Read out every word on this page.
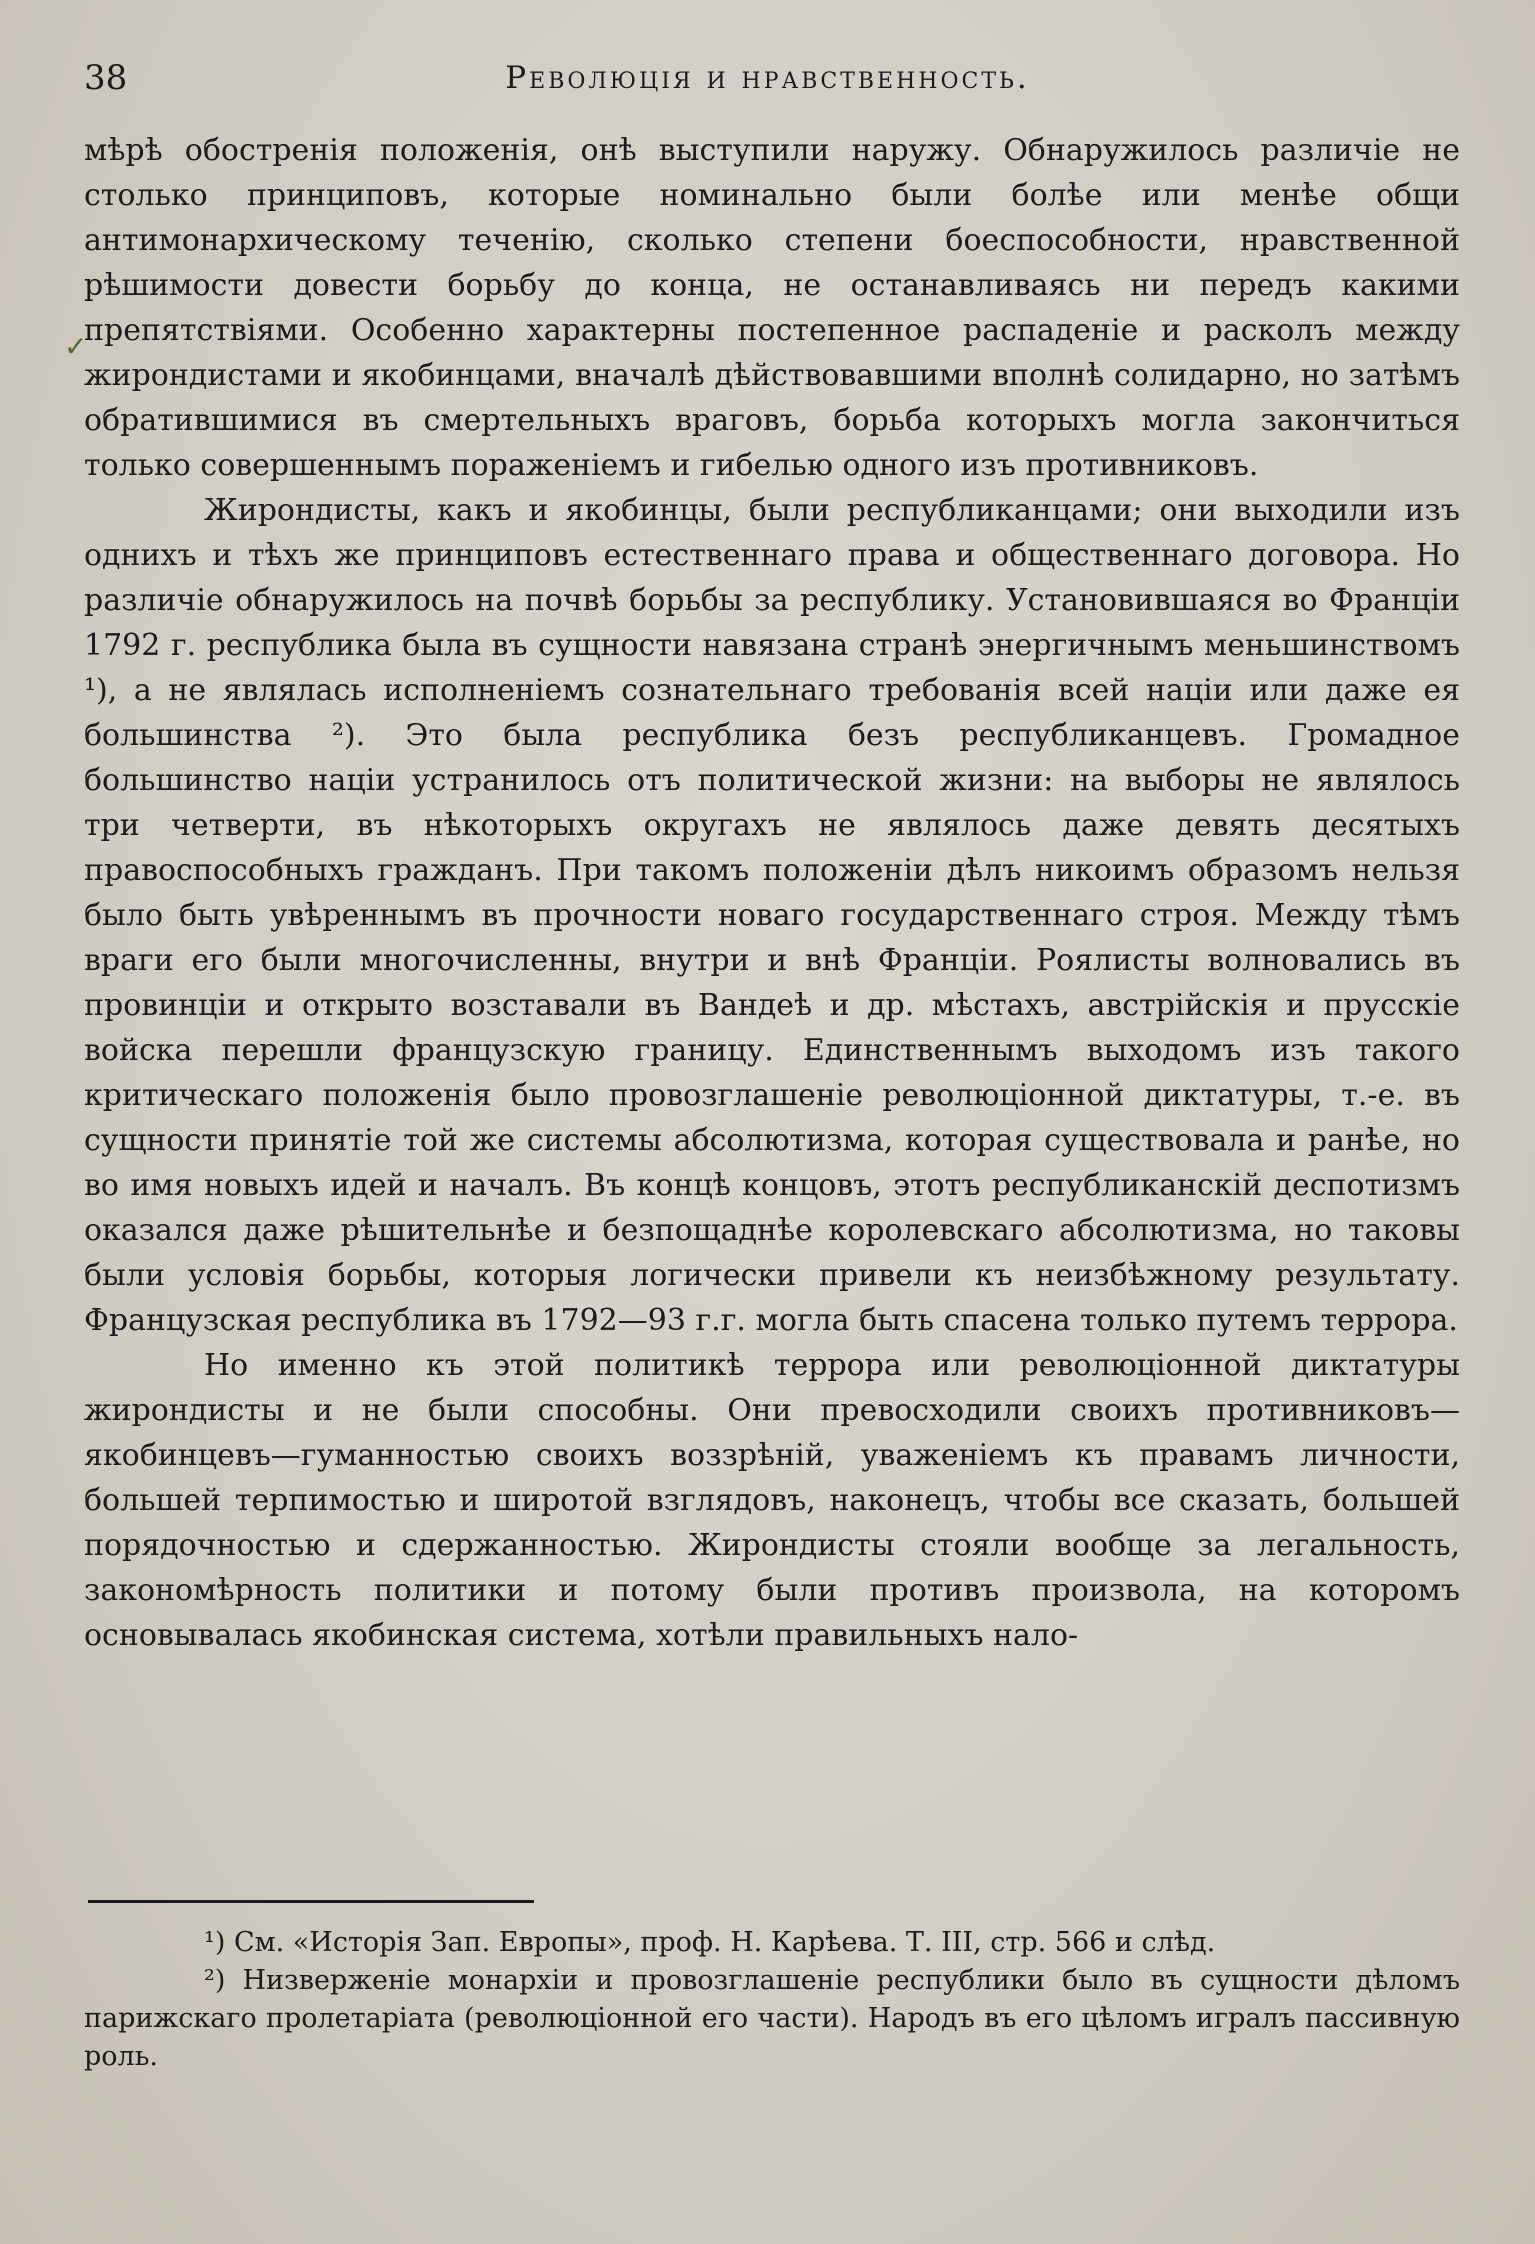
38	Революцiя и нравственность.
✓

мѣрѣ обостренiя положенiя, онѣ выступили наружу. Обнаружилось различiе не столько принциповъ, которые номинально были болѣе или менѣе общи антимонархическому теченiю, сколько степени боеспособности, нравственной рѣшимости довести борьбу до конца, не останавливаясь ни передъ какими препятствiями. Особенно характерны постепенное распаденiе и расколъ между жирондистами и якобинцами, вначалѣ дѣйствовавшими вполнѣ солидарно, но затѣмъ обратившимися въ смертельныхъ враговъ, борьба которыхъ могла закончиться только совершеннымъ пораженiемъ и гибелью одного изъ противниковъ.

Жирондисты, какъ и якобинцы, были республиканцами; они выходили изъ однихъ и тѣхъ же принциповъ естественнаго права и общественнаго договора. Но различiе обнаружилось на почвѣ борьбы за республику. Установившаяся во Францiи 1792 г. республика была въ сущности навязана странѣ энергичнымъ меньшинствомъ ¹), а не являлась исполненiемъ сознательнаго требованiя всей нацiи или даже ея большинства ²). Это была республика безъ республиканцевъ. Громадное большинство нацiи устранилось отъ политической жизни: на выборы не являлось три четверти, въ нѣкоторыхъ округахъ не являлось даже девять десятыхъ правоспособныхъ гражданъ. При такомъ положенiи дѣлъ никоимъ образомъ нельзя было быть увѣреннымъ въ прочности новаго государственнаго строя. Между тѣмъ враги его были многочисленны, внутри и внѣ Францiи. Роялисты волновались въ провинцiи и открыто возставали въ Вандеѣ и др. мѣстахъ, австрiйскiя и прусскiе войска перешли французскую границу. Единственнымъ выходомъ изъ такого критическаго положенiя было провозглашенiе революцiонной диктатуры, т.-е. въ сущности принятiе той же системы абсолютизма, которая существовала и ранѣе, но во имя новыхъ идей и началъ. Въ концѣ концовъ, этотъ республиканскiй деспотизмъ оказался даже рѣшительнѣе и безпощаднѣе королевскаго абсолютизма, но таковы были условiя борьбы, которыя логически привели къ неизбѣжному результату. Французская республика въ 1792—93 г.г. могла быть спасена только путемъ террора.

Но именно къ этой политикѣ террора или революцiонной диктатуры жирондисты и не были способны. Они превосходили своихъ противниковъ—якобинцевъ—гуманностью своихъ воззрѣнiй, уваженiемъ къ правамъ личности, большей терпимостью и широтой взглядовъ, наконецъ, чтобы все сказать, большей порядочностью и сдержанностью. Жирондисты стояли вообще за легальность, закономѣрность политики и потому были противъ произвола, на которомъ основывалась якобинская система, хотѣли правильныхъ нало-

¹) См. «Исторiя Зап. Европы», проф. Н. Карѣева. Т. III, стр. 566 и слѣд.

²) Низверженiе монархiи и провозглашенiе республики было въ сущности дѣломъ парижскаго пролетарiата (революцiонной его части). Народъ въ его цѣломъ игралъ пассивную роль.
